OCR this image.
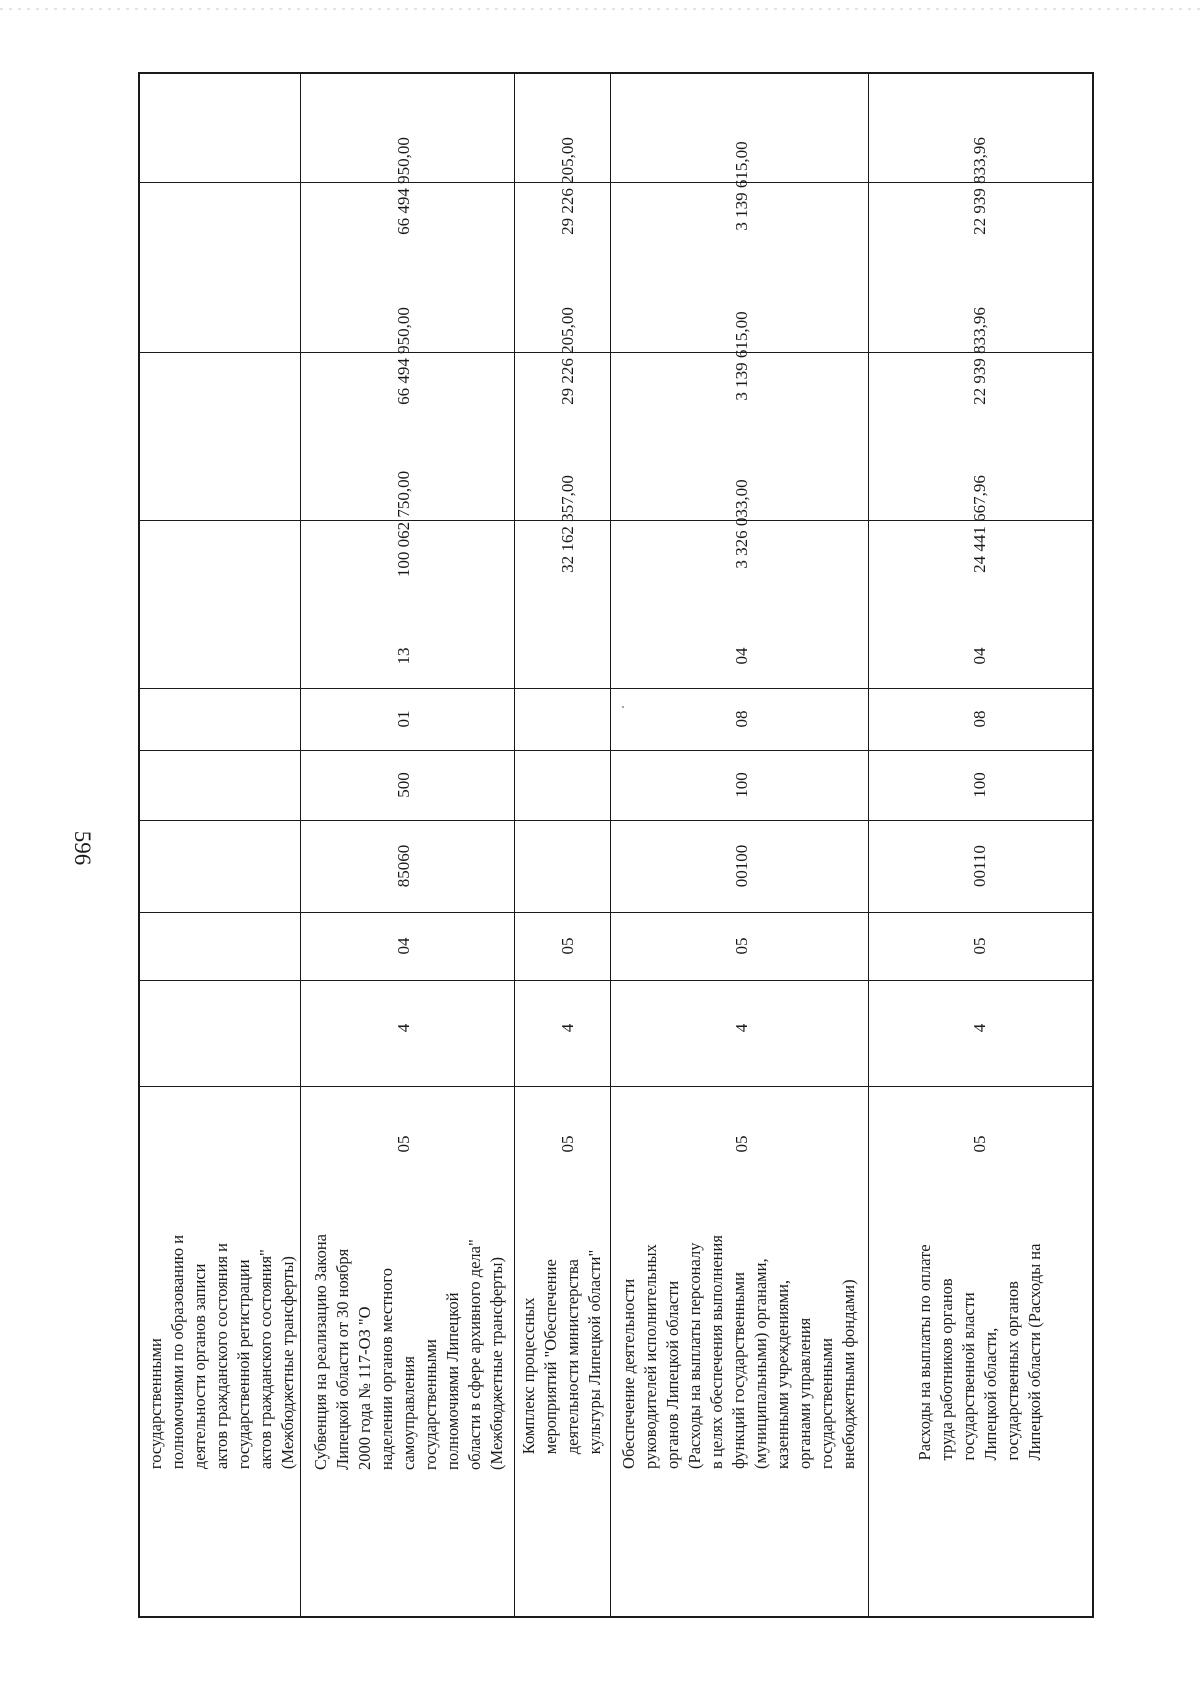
596
государственными полномочиями по образованию и деятельности органов записи актов гражданского состояния и государственной регистрации актов гражданского состояния" (Межбюджетные трансферты) Субвенция на реализацию Закона Липецкой области от 30 ноября 2000 года № 117-ОЗ "О наделении органов местного самоуправления государственными полномочиями Липецкой области в сфере архивного дела" (Межбюджетные трансферты)
05
4
04
85060
500
01
13
100 062 750,00
66 494 950,00
66 494 950,00
Комплекс процессных мероприятий "Обеспечение деятельности министерства культуры Липецкой области"
05
4
05
32 162 357,00
29 226 205,00
29 226 205,00
Обеспечение деятельности руководителей исполнительных органов Липецкой области (Расходы на выплаты персоналу в целях обеспечения выполнения функций государственными (муниципальными) органами, казенными учреждениями, органами управления государственными внебюджетными фондами)
05
4
05
00100
100
08
04
3 326 033,00
3 139 615,00
3 139 615,00
Расходы на выплаты по оплате труда работников органов государственной власти Липецкой области, государственных органов Липецкой области (Расходы на
05
4
05
00110
100
08
04
24 441 667,96
22 939 833,96
22 939 833,96
